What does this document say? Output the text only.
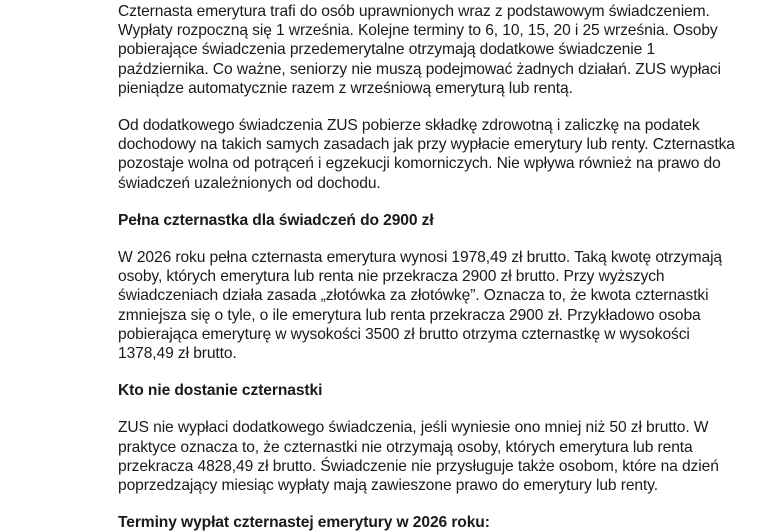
Czternasta emerytura trafi do osób uprawnionych wraz z podstawowym świadczeniem.
Wypłaty rozpoczną się 1 września. Kolejne terminy to 6, 10, 15, 20 i 25 września. Osoby
pobierające świadczenia przedemerytalne otrzymają dodatkowe świadczenie 1
października. Co ważne, seniorzy nie muszą podejmować żadnych działań. ZUS wypłaci
pieniądze automatycznie razem z wrześniową emeryturą lub rentą.

Od dodatkowego świadczenia ZUS pobierze składkę zdrowotną i zaliczkę na podatek
dochodowy na takich samych zasadach jak przy wypłacie emerytury lub renty. Czternastka
pozostaje wolna od potrąceń i egzekucji komorniczych. Nie wpływa również na prawo do
świadczeń uzależnionych od dochodu.

Pełna czternastka dla świadczeń do 2900 zł

W 2026 roku pełna czternasta emerytura wynosi 1978,49 zł brutto. Taką kwotę otrzymają
osoby, których emerytura lub renta nie przekracza 2900 zł brutto. Przy wyższych
świadczeniach działa zasada „złotówka za złotówkę”. Oznacza to, że kwota czternastki
zmniejsza się o tyle, o ile emerytura lub renta przekracza 2900 zł. Przykładowo osoba
pobierająca emeryturę w wysokości 3500 zł brutto otrzyma czternastkę w wysokości
1378,49 zł brutto.

Kto nie dostanie czternastki

ZUS nie wypłaci dodatkowego świadczenia, jeśli wyniesie ono mniej niż 50 zł brutto. W
praktyce oznacza to, że czternastki nie otrzymają osoby, których emerytura lub renta
przekracza 4828,49 zł brutto. Świadczenie nie przysługuje także osobom, które na dzień
poprzedzający miesiąc wypłaty mają zawieszone prawo do emerytury lub renty.

Terminy wypłat czternastej emerytury w 2026 roku:
